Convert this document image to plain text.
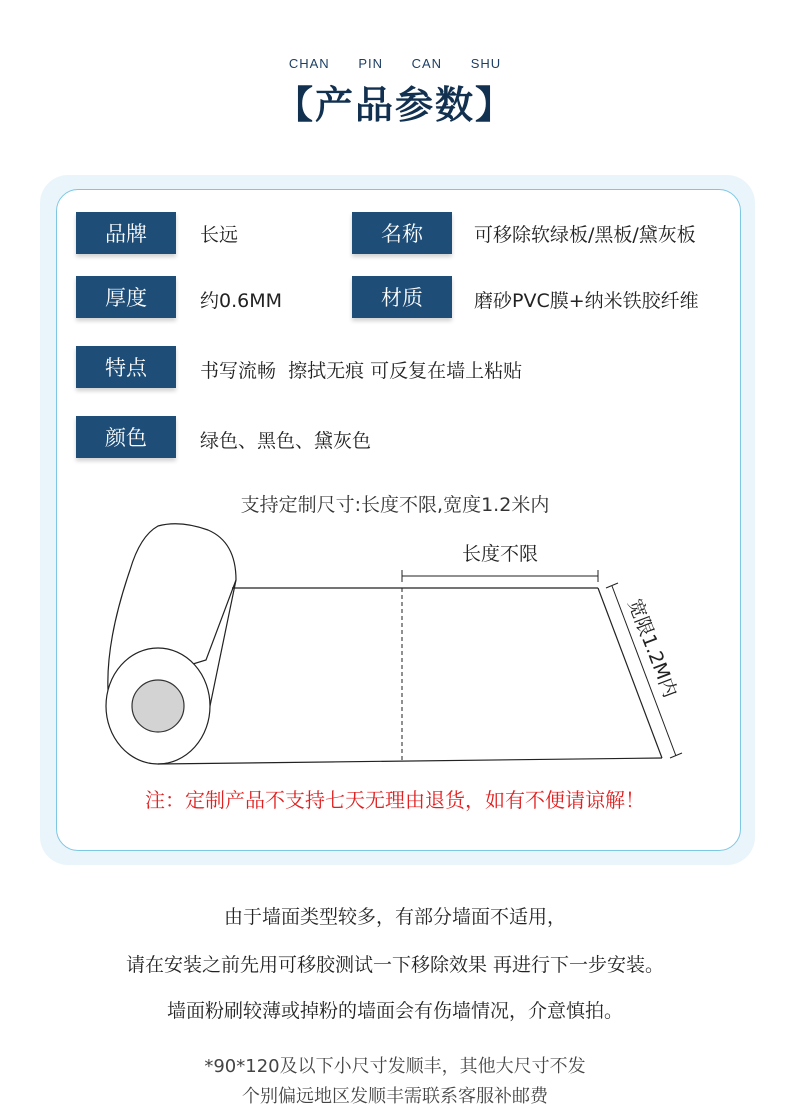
CHAN PIN CAN SHU
【产品参数】
品牌	长远	名称	可移除软绿板/黑板/黛灰板
厚度	约0.6MM	材质	磨砂PVC膜+纳米铁胶纤维
特点	书写流畅  擦拭无痕 可反复在墙上粘贴
颜色	绿色、黑色、黛灰色
支持定制尺寸:长度不限,宽度1.2米内
长度不限
宽限1.2M内
注：定制产品不支持七天无理由退货，如有不便请谅解！
由于墙面类型较多，有部分墙面不适用，
请在安装之前先用可移胶测试一下移除效果 再进行下一步安装。
墙面粉刷较薄或掉粉的墙面会有伤墙情况，介意慎拍。
*90*120及以下小尺寸发顺丰，其他大尺寸不发
个别偏远地区发顺丰需联系客服补邮费
